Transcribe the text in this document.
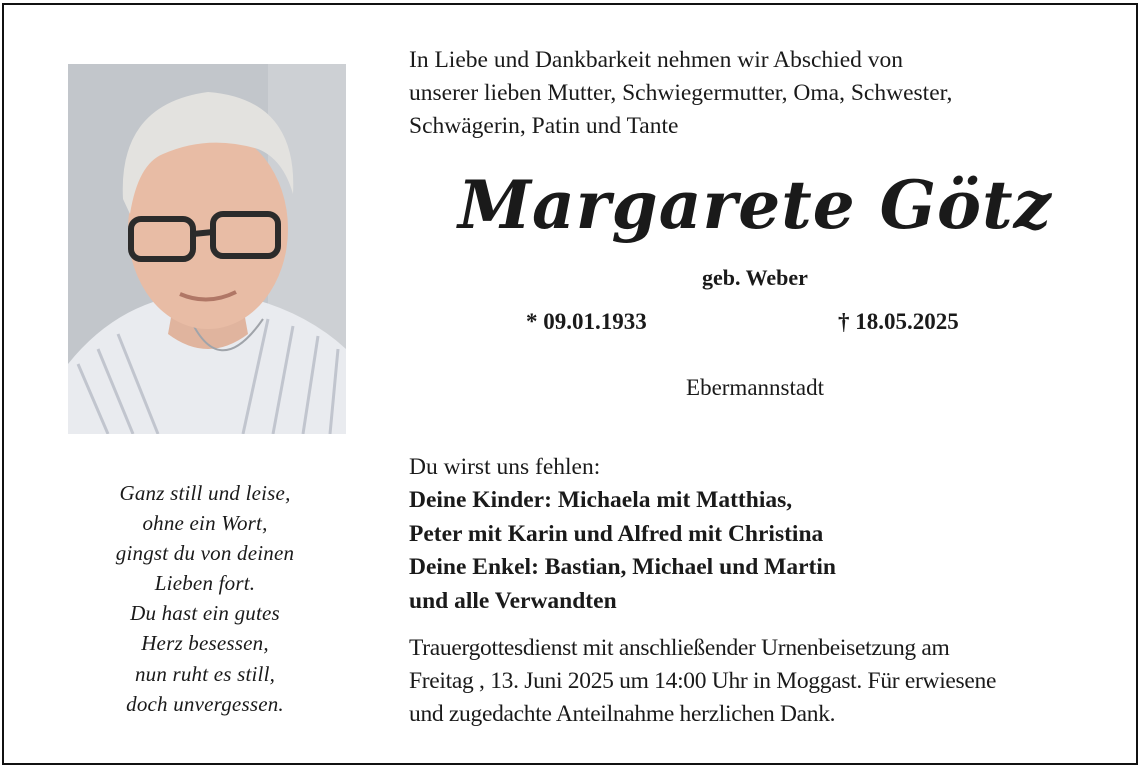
Ganz still und leise,
ohne ein Wort,
gingst du von deinen
Lieben fort.
Du hast ein gutes
Herz besessen,
nun ruht es still,
doch unvergessen.
In Liebe und Dankbarkeit nehmen wir Abschied von
unserer lieben Mutter, Schwiegermutter, Oma, Schwester,
Schwägerin, Patin und Tante
Margarete Götz
geb. Weber
* 09.01.1933	† 18.05.2025
Ebermannstadt
Du wirst uns fehlen:
Deine Kinder: Michaela mit Matthias,
Peter mit Karin und Alfred mit Christina
Deine Enkel: Bastian, Michael und Martin
und alle Verwandten
Trauergottesdienst mit anschließender Urnenbeisetzung am
Freitag , 13. Juni 2025 um 14:00 Uhr in Moggast. Für erwiesene
und zugedachte Anteilnahme herzlichen Dank.
